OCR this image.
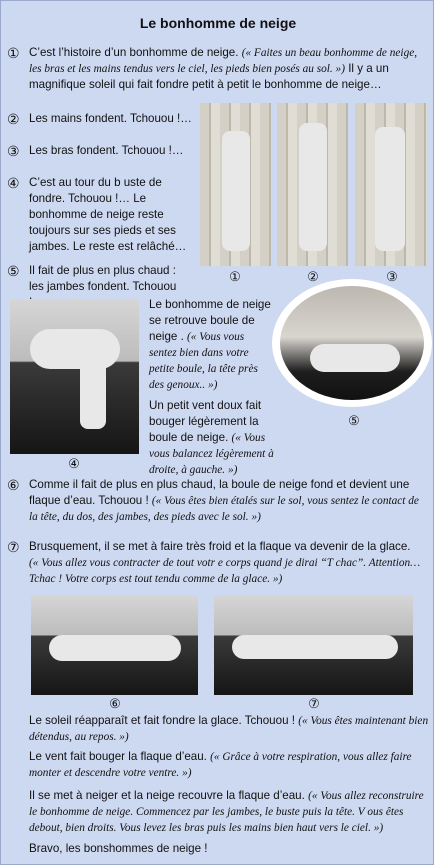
Le bonhomme de neige
① C’est l’histoire d’un bonhomme de neige. (« Faites un beau bonhomme de neige, les bras et les mains tendus vers le ciel, les pieds bien posés au sol. ») Il y a un magnifique soleil qui fait fondre petit à petit le bonhomme de neige…
② Les mains fondent. Tchouou !…
③ Les bras fondent. Tchouou !…
④ C’est au tour du b uste de fondre. Tchouou !… Le bonhomme de neige reste toujours sur ses pieds et ses jambes. Le reste est relâché…
⑤ Il fait de plus en plus chaud : les jambes fondent. Tchouou
①	②	③
④
Le bonhomme de neige se retrouve boule de neige . (« Vous vous sentez bien dans votre petite boule, la tête près des genoux.. »)
Un petit vent doux fait bouger légèrement la boule de neige. (« Vous vous balancez légèrement à droite, à gauche. »)
⑤
⑥ Comme il fait de plus en plus chaud, la boule de neige fond et devient une flaque d’eau. Tchouou ! (« Vous êtes bien étalés sur le sol, vous sentez le contact de la tête, du dos, des jambes, des pieds avec le sol. »)
⑦ Brusquement, il se met à faire très froid et la flaque va devenir de la glace.
(« Vous allez vous contracter de tout votr e corps quand je dirai “T chac”. Attention…Tchac ! Votre corps est tout tendu comme de la glace. »)
⑥	⑦
Le soleil réapparaît et fait fondre la glace. Tchouou ! (« Vous êtes maintenant bien détendus, au repos. »)
Le vent fait bouger la flaque d’eau. (« Grâce à votre respiration, vous allez faire monter et descendre votre ventre. »)
Il se met à neiger et la neige recouvre la flaque d’eau. (« Vous allez reconstruire le bonhomme de neige. Commencez par les jambes, le buste puis la tête. V ous êtes debout, bien droits. Vous levez les bras puis les mains bien haut vers le ciel. »)
Bravo, les bonshommes de neige !
